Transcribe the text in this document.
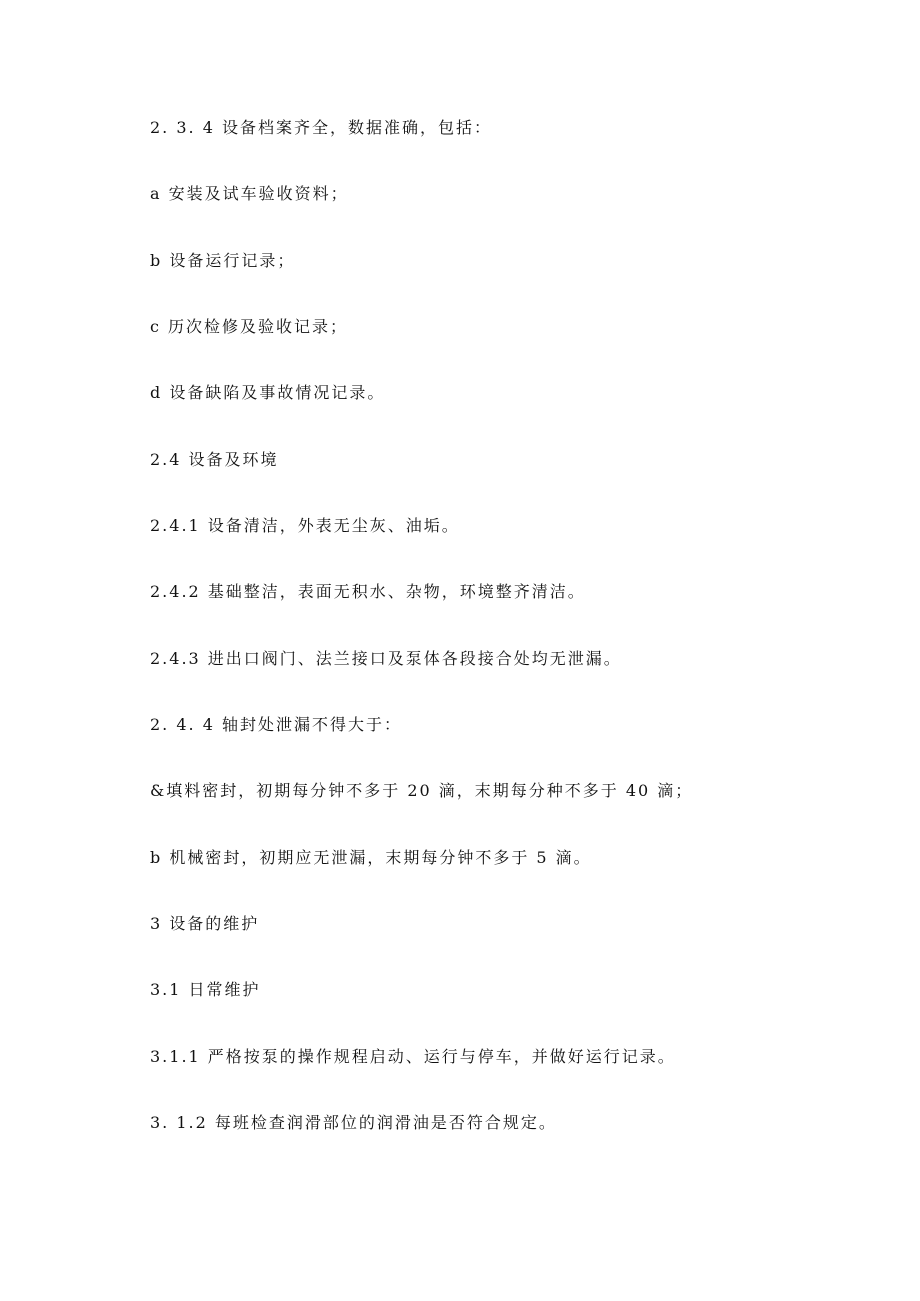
2. 3. 4 设备档案齐全，数据准确，包括：
a 安装及试车验收资料；
b 设备运行记录；
c 历次检修及验收记录；
d 设备缺陷及事故情况记录。
2.4 设备及环境
2.4.1 设备清洁，外表无尘灰、油垢。
2.4.2 基础整洁，表面无积水、杂物，环境整齐清洁。
2.4.3 进出口阀门、法兰接口及泵体各段接合处均无泄漏。
2. 4. 4 轴封处泄漏不得大于：
&填料密封，初期每分钟不多于 20 滴，末期每分种不多于 40 滴；
b 机械密封，初期应无泄漏，末期每分钟不多于 5 滴。
3 设备的维护
3.1 日常维护
3.1.1 严格按泵的操作规程启动、运行与停车，并做好运行记录。
3. 1.2 每班检查润滑部位的润滑油是否符合规定。
